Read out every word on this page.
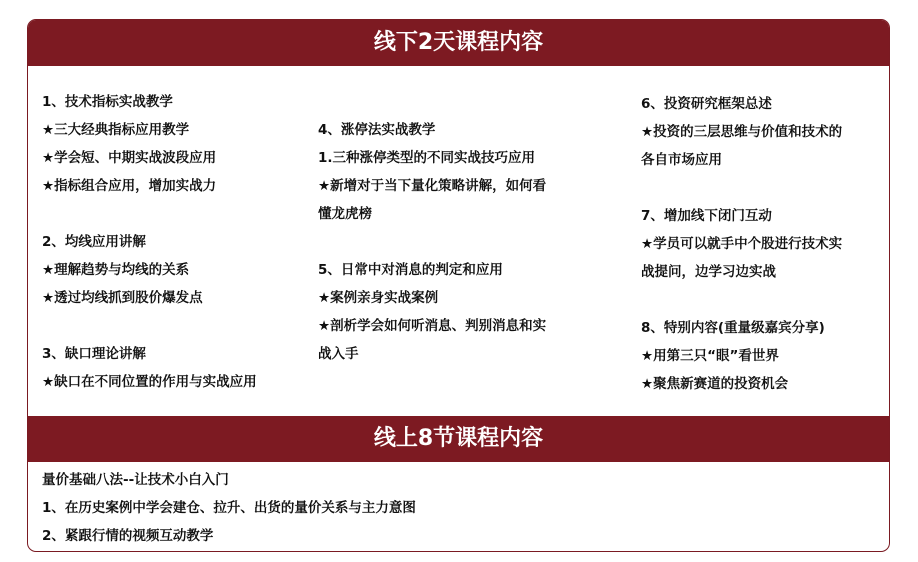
线下2天课程内容
1、技术指标实战教学
★三大经典指标应用教学
★学会短、中期实战波段应用
★指标组合应用，增加实战力
2、均线应用讲解
★理解趋势与均线的关系
★透过均线抓到股价爆发点
3、缺口理论讲解
★缺口在不同位置的作用与实战应用
4、涨停法实战教学
1.三种涨停类型的不同实战技巧应用
★新增对于当下量化策略讲解，如何看
懂龙虎榜
5、日常中对消息的判定和应用
★案例亲身实战案例
★剖析学会如何听消息、判别消息和实
战入手
6、投资研究框架总述
★投资的三层思维与价值和技术的
各自市场应用
7、增加线下闭门互动
★学员可以就手中个股进行技术实
战提问，边学习边实战
8、特别内容(重量级嘉宾分享)
★用第三只“眼”看世界
★聚焦新赛道的投资机会
线上8节课程内容
量价基础八法--让技术小白入门
1、在历史案例中学会建仓、拉升、出货的量价关系与主力意图
2、紧跟行情的视频互动教学
